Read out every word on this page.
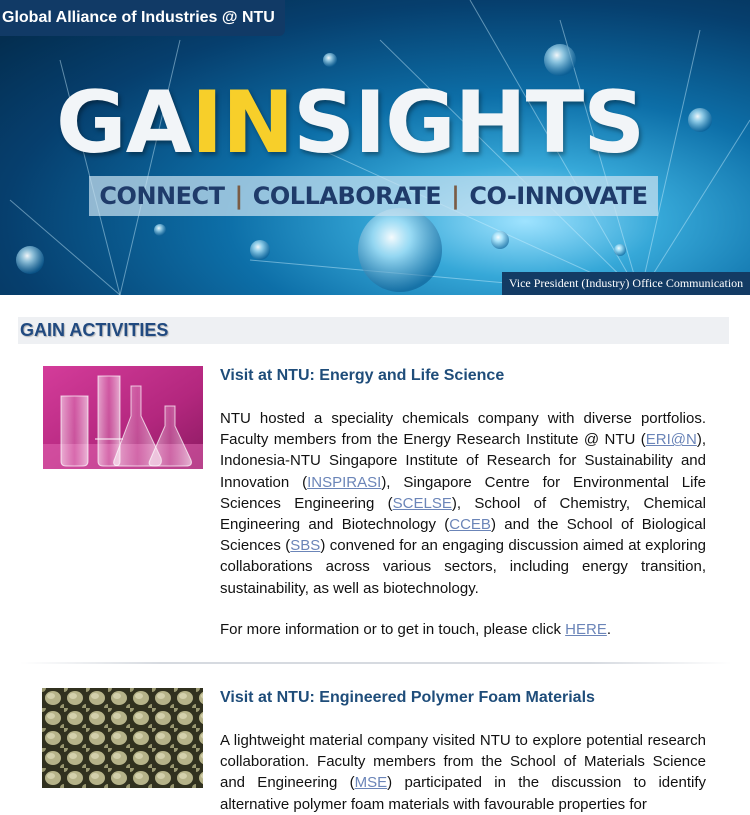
Global Alliance of Industries @ NTU
GAINSIGHTS
CONNECT | COLLABORATE | CO-INNOVATE
Vice President (Industry) Office Communication
GAIN ACTIVITIES
Visit at NTU: Energy and Life Science

NTU hosted a speciality chemicals company with diverse portfolios. Faculty members from the Energy Research Institute @ NTU (ERI@N), Indonesia-NTU Singapore Institute of Research for Sustainability and Innovation (INSPIRASI), Singapore Centre for Environmental Life Sciences Engineering (SCELSE), School of Chemistry, Chemical Engineering and Biotechnology (CCEB) and the School of Biological Sciences (SBS) convened for an engaging discussion aimed at exploring collaborations across various sectors, including energy transition, sustainability, as well as biotechnology.

For more information or to get in touch, please click HERE.
Visit at NTU: Engineered Polymer Foam Materials

A lightweight material company visited NTU to explore potential research collaboration. Faculty members from the School of Materials Science and Engineering (MSE) participated in the discussion to identify alternative polymer foam materials with favourable properties for
